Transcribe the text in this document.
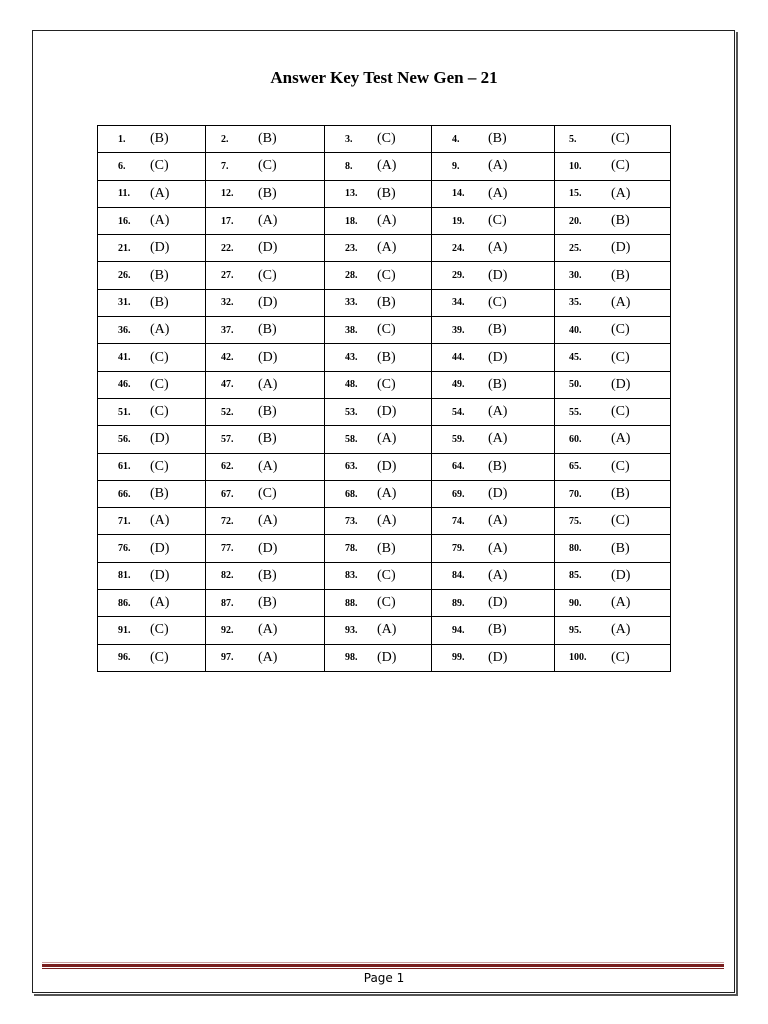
Answer Key Test New Gen – 21
1. (B)	2. (B)	3. (C)	4. (B)	5. (C)

6. (C)	7. (C)	8. (A)	9. (A)	10. (C)

11. (A)	12. (B)	13. (B)	14. (A)	15. (A)

16. (A)	17. (A)	18. (A)	19. (C)	20. (B)

21. (D)	22. (D)	23. (A)	24. (A)	25. (D)

26. (B)	27. (C)	28. (C)	29. (D)	30. (B)

31. (B)	32. (D)	33. (B)	34. (C)	35. (A)

36. (A)	37. (B)	38. (C)	39. (B)	40. (C)

41. (C)	42. (D)	43. (B)	44. (D)	45. (C)

46. (C)	47. (A)	48. (C)	49. (B)	50. (D)

51. (C)	52. (B)	53. (D)	54. (A)	55. (C)

56. (D)	57. (B)	58. (A)	59. (A)	60. (A)

61. (C)	62. (A)	63. (D)	64. (B)	65. (C)

66. (B)	67. (C)	68. (A)	69. (D)	70. (B)

71. (A)	72. (A)	73. (A)	74. (A)	75. (C)

76. (D)	77. (D)	78. (B)	79. (A)	80. (B)

81. (D)	82. (B)	83. (C)	84. (A)	85. (D)

86. (A)	87. (B)	88. (C)	89. (D)	90. (A)

91. (C)	92. (A)	93. (A)	94. (B)	95. (A)

96. (C)	97. (A)	98. (D)	99. (D)	100. (C)
Page 1
